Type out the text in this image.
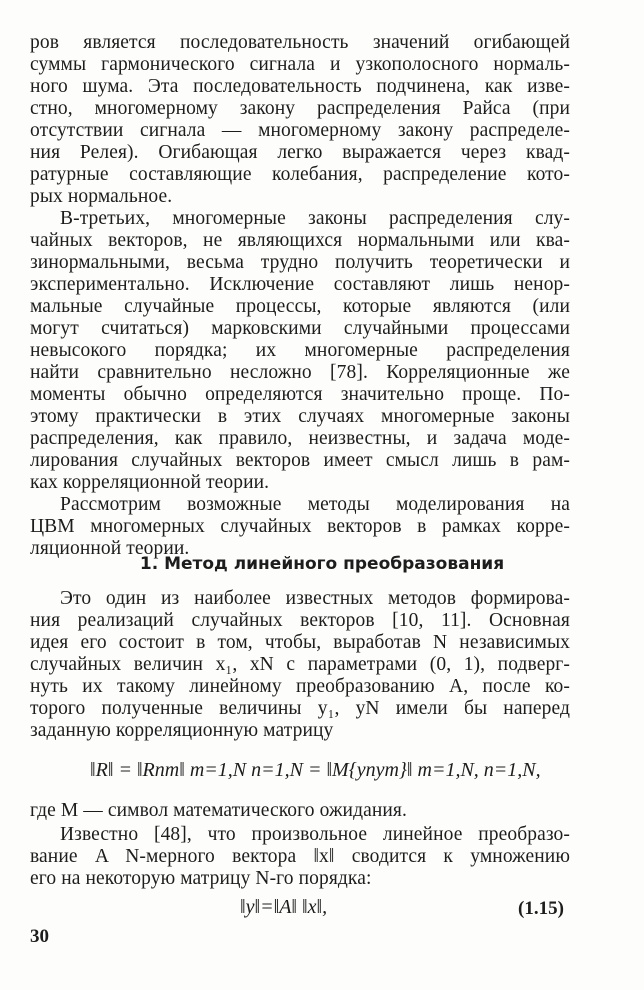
ров является последовательность значений огибающей
суммы гармонического сигнала и узкополосного нормаль-
ного шума. Эта последовательность подчинена, как изве-
стно, многомерному закону распределения Райса (при
отсутствии сигнала — многомерному закону распределе-
ния Релея). Огибающая легко выражается через квад-
ратурные составляющие колебания, распределение кото-
рых нормальное.
В-третьих, многомерные законы распределения слу-
чайных векторов, не являющихся нормальными или ква-
зинормальными, весьма трудно получить теоретически и
экспериментально. Исключение составляют лишь ненор-
мальные случайные процессы, которые являются (или
могут считаться) марковскими случайными процессами
невысокого порядка; их многомерные распределения
найти сравнительно несложно [78]. Корреляционные же
моменты обычно определяются значительно проще. По-
этому практически в этих случаях многомерные законы
распределения, как правило, неизвестны, и задача моде-
лирования случайных векторов имеет смысл лишь в рам-
ках корреляционной теории.
Рассмотрим возможные методы моделирования на
ЦВМ многомерных случайных векторов в рамках корре-
ляционной теории.
1. Метод линейного преобразования
Это один из наиболее известных методов формирова-
ния реализаций случайных векторов [10, 11]. Основная
идея его состоит в том, чтобы, выработав N независимых
случайных величин x₁, xN с параметрами (0, 1), подверг-
нуть их такому линейному преобразованию A, после ко-
торого полученные величины y₁, yN имели бы наперед
заданную корреляционную матрицу
‖R‖ = ‖Rnm‖ m=1,N n=1,N = ‖M{ynym}‖ m=1,N, n=1,N,
где M — символ математического ожидания.
Известно [48], что произвольное линейное преобразо-
вание A N-мерного вектора ‖x‖ сводится к умножению
его на некоторую матрицу N-го порядка:
‖y‖=‖A‖ ‖x‖,	(1.15)
30
